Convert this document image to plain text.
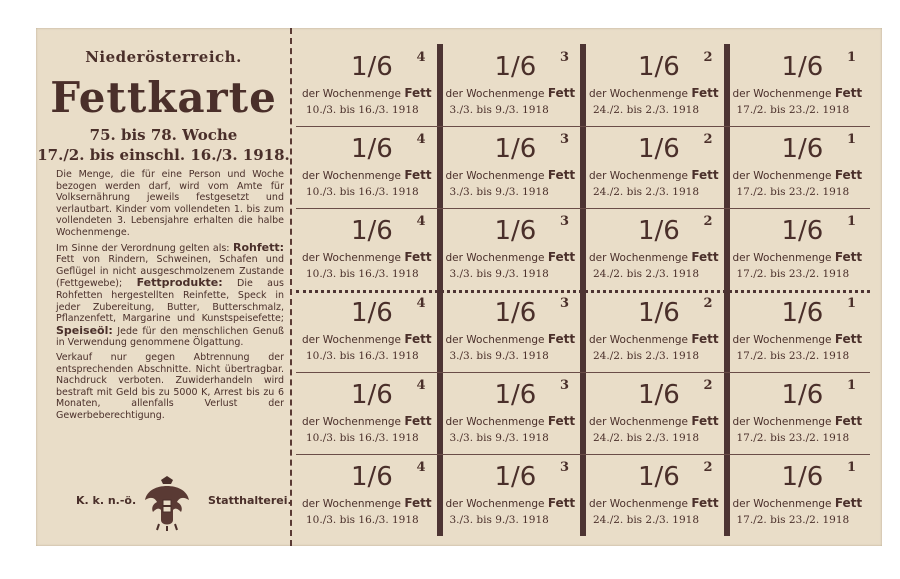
Niederösterreich.
Fettkarte
75. bis 78. Woche
17./2. bis einschl. 16./3. 1918.

Die Menge, die für eine Person und Woche bezogen werden darf, wird vom Amte für Volksernährung jeweils festgesetzt und verlautbart. Kinder vom vollendeten 1. bis zum vollendeten 3. Lebensjahre erhalten die halbe Wochenmenge.

Im Sinne der Verordnung gelten als: Rohfett: Fett von Rindern, Schweinen, Schafen und Geflügel in nicht ausgeschmolzenem Zustande (Fettgewebe); Fettprodukte: Die aus Rohfetten hergestellten Reinfette, Speck in jeder Zubereitung, Butter, Butterschmalz, Pflanzenfett, Margarine und Kunstspeisefette; Speiseöl: Jede für den menschlichen Genuß in Verwendung genommene Ölgattung.

Verkauf nur gegen Abtrennung der entsprechenden Abschnitte. Nicht übertragbar. Nachdruck verboten. Zuwiderhandeln wird bestraft mit Geld bis zu 5000 K, Arrest bis zu 6 Monaten, allenfalls Verlust der Gewerbeberechtigung.

K. k. n.-ö.	Statthalterei.
1/6 4
der Wochenmenge Fett
10./3. bis 16./3. 1918
1/6 3
der Wochenmenge Fett
3./3. bis 9./3. 1918
1/6 2
der Wochenmenge Fett
24./2. bis 2./3. 1918
1/6 1
der Wochenmenge Fett
17./2. bis 23./2. 1918
1/6 4
der Wochenmenge Fett
10./3. bis 16./3. 1918
1/6 3
der Wochenmenge Fett
3./3. bis 9./3. 1918
1/6 2
der Wochenmenge Fett
24./2. bis 2./3. 1918
1/6 1
der Wochenmenge Fett
17./2. bis 23./2. 1918
1/6 4
der Wochenmenge Fett
10./3. bis 16./3. 1918
1/6 3
der Wochenmenge Fett
3./3. bis 9./3. 1918
1/6 2
der Wochenmenge Fett
24./2. bis 2./3. 1918
1/6 1
der Wochenmenge Fett
17./2. bis 23./2. 1918
1/6 4
der Wochenmenge Fett
10./3. bis 16./3. 1918
1/6 3
der Wochenmenge Fett
3./3. bis 9./3. 1918
1/6 2
der Wochenmenge Fett
24./2. bis 2./3. 1918
1/6 1
der Wochenmenge Fett
17./2. bis 23./2. 1918
1/6 4
der Wochenmenge Fett
10./3. bis 16./3. 1918
1/6 3
der Wochenmenge Fett
3./3. bis 9./3. 1918
1/6 2
der Wochenmenge Fett
24./2. bis 2./3. 1918
1/6 1
der Wochenmenge Fett
17./2. bis 23./2. 1918
1/6 4
der Wochenmenge Fett
10./3. bis 16./3. 1918
1/6 3
der Wochenmenge Fett
3./3. bis 9./3. 1918
1/6 2
der Wochenmenge Fett
24./2. bis 2./3. 1918
1/6 1
der Wochenmenge Fett
17./2. bis 23./2. 1918
